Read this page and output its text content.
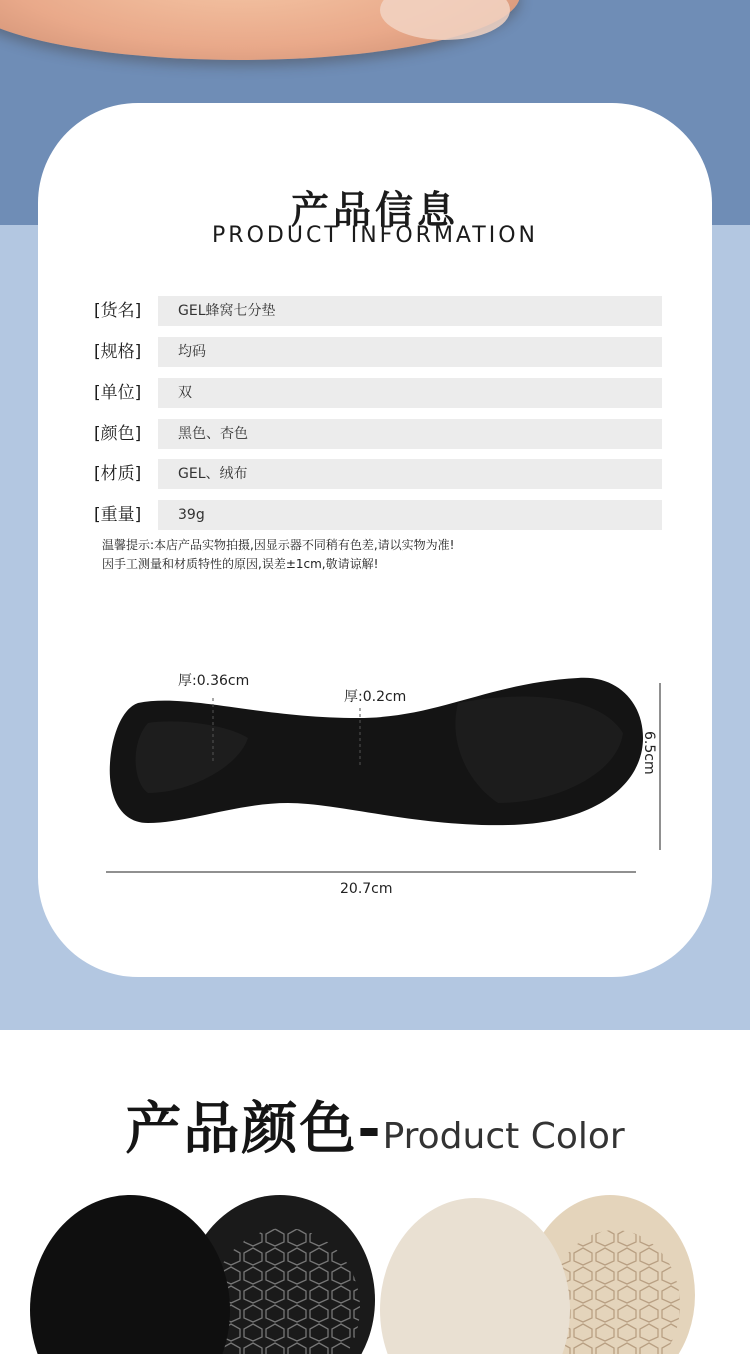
产品信息
PRODUCT INFORMATION
[货名]	GEL蜂窝七分垫
[规格]	均码
[单位]	双
[颜色]	黑色、杏色
[材质]	GEL、绒布
[重量]	39g
温馨提示:本店产品实物拍摄,因显示器不同稍有色差,请以实物为准!
因手工测量和材质特性的原因,误差±1cm,敬请谅解!
厚:0.36cm
厚:0.2cm
6.5cm
20.7cm
产品颜色-Product Color
